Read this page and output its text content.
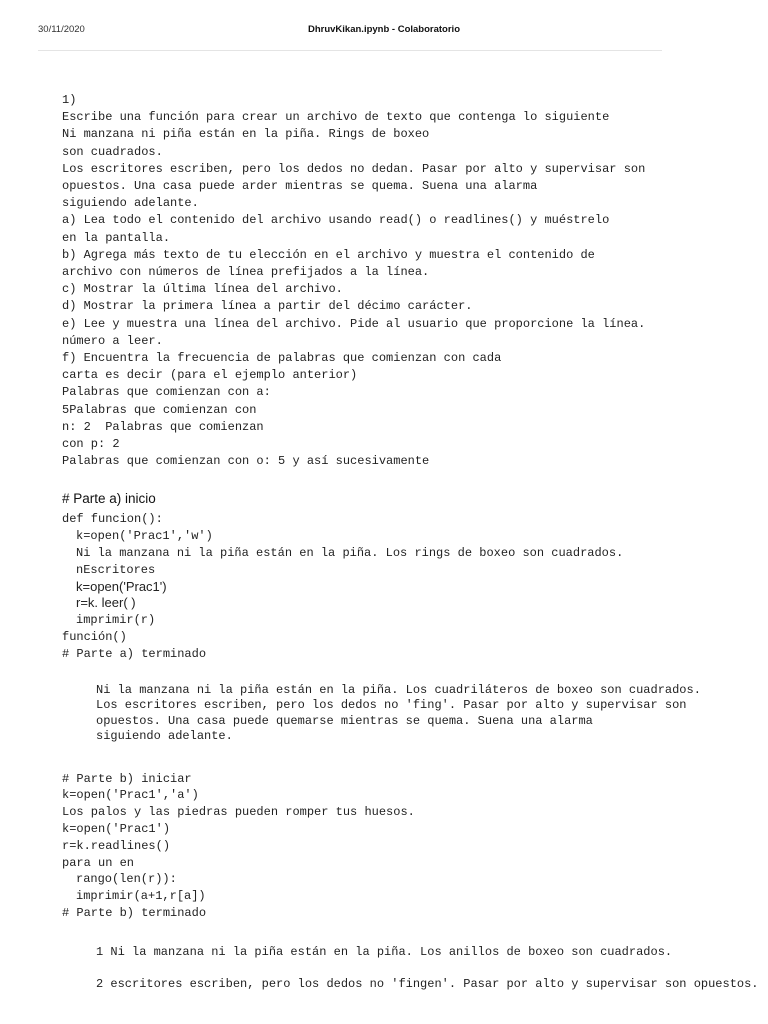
30/11/2020	DhruvKikan.ipynb - Colaboratorio
1)
Escribe una función para crear un archivo de texto que contenga lo siguiente
Ni manzana ni piña están en la piña. Rings de boxeo
son cuadrados.
Los escritores escriben, pero los dedos no dedan. Pasar por alto y supervisar son
opuestos. Una casa puede arder mientras se quema. Suena una alarma
siguiendo adelante.
a) Lea todo el contenido del archivo usando read() o readlines() y muéstrelo
en la pantalla.
b) Agrega más texto de tu elección en el archivo y muestra el contenido de
archivo con números de línea prefijados a la línea.
c) Mostrar la última línea del archivo.
d) Mostrar la primera línea a partir del décimo carácter.
e) Lee y muestra una línea del archivo. Pide al usuario que proporcione la línea.
número a leer.
f) Encuentra la frecuencia de palabras que comienzan con cada
carta es decir (para el ejemplo anterior)
Palabras que comienzan con a:
5Palabras que comienzan con
n: 2  Palabras que comienzan
con p: 2
Palabras que comienzan con o: 5 y así sucesivamente
# Parte a) inicio
def funcion():
k=open('Prac1','w')
Ni la manzana ni la piña están en la piña. Los rings de boxeo son cuadrados.
nEscritores
k=open('Prac1')
r=k. leer( )
imprimir(r)
función()
# Parte a) terminado
Ni la manzana ni la piña están en la piña. Los cuadriláteros de boxeo son cuadrados.
Los escritores escriben, pero los dedos no 'fing'. Pasar por alto y supervisar son
opuestos. Una casa puede quemarse mientras se quema. Suena una alarma
siguiendo adelante.
# Parte b) iniciar
k=open('Prac1','a')
Los palos y las piedras pueden romper tus huesos.
k=open('Prac1')
r=k.readlines()
para un en
rango(len(r)):
imprimir(a+1,r[a])
# Parte b) terminado
1 Ni la manzana ni la piña están en la piña. Los anillos de boxeo son cuadrados.
2 escritores escriben, pero los dedos no 'fingen'. Pasar por alto y supervisar son opuestos.
